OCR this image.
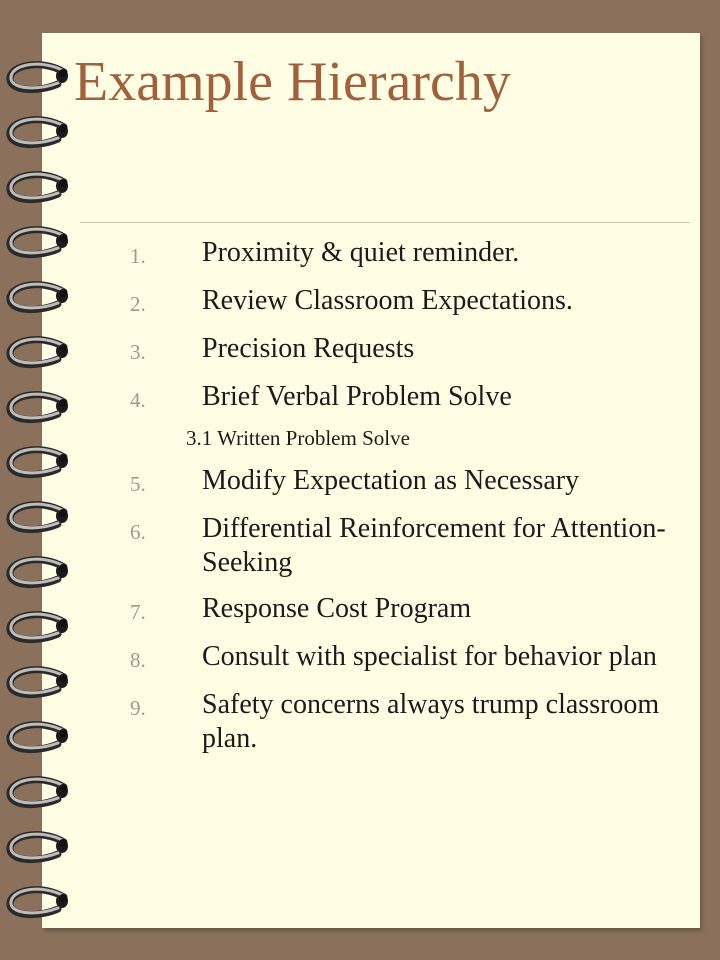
Example Hierarchy
1.	Proximity & quiet reminder.
2.	Review Classroom Expectations.
3.	Precision Requests
4.	Brief Verbal Problem Solve
3.1 Written Problem Solve
5.	Modify Expectation as Necessary
6.	Differential Reinforcement for Attention-Seeking
7.	Response Cost Program
8.	Consult with specialist for behavior plan
9.	Safety concerns always trump classroom plan.
